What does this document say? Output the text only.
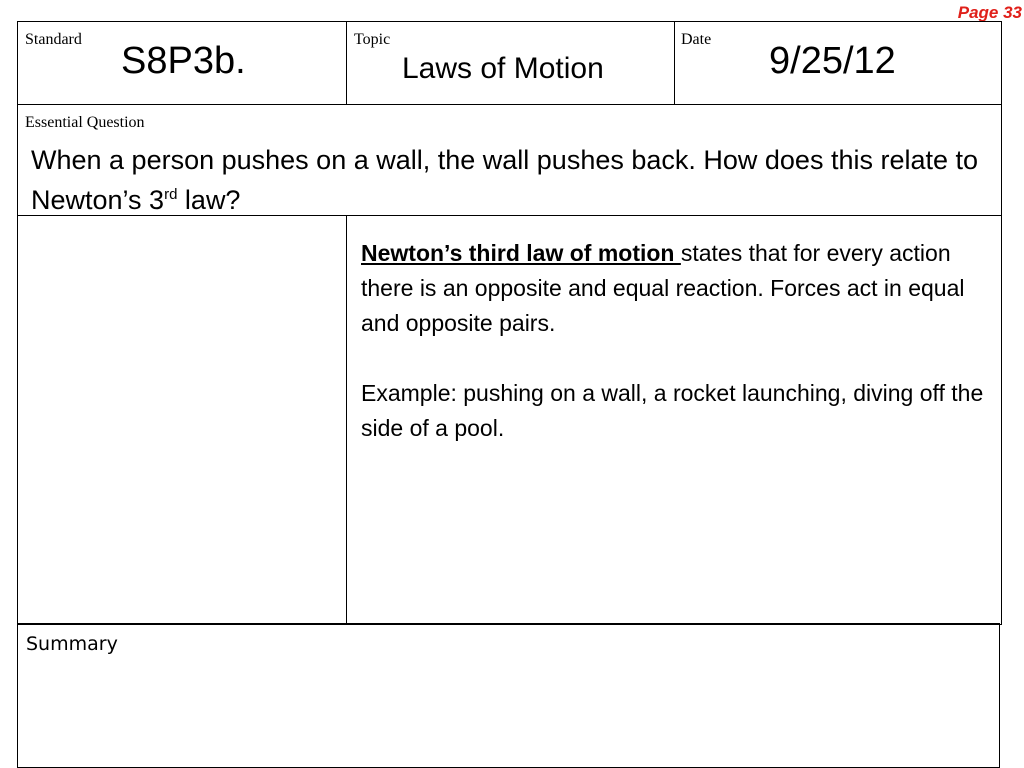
Page 33
Standard
S8P3b.
Topic
Laws of Motion
Date
9/25/12
Essential Question
When a person pushes on a wall, the wall pushes back. How does this relate to Newton’s 3rd law?

Newton’s third law of motion states that for every action there is an opposite and equal reaction. Forces act in equal and opposite pairs.

Example: pushing on a wall, a rocket launching, diving off the side of a pool.

Summary
